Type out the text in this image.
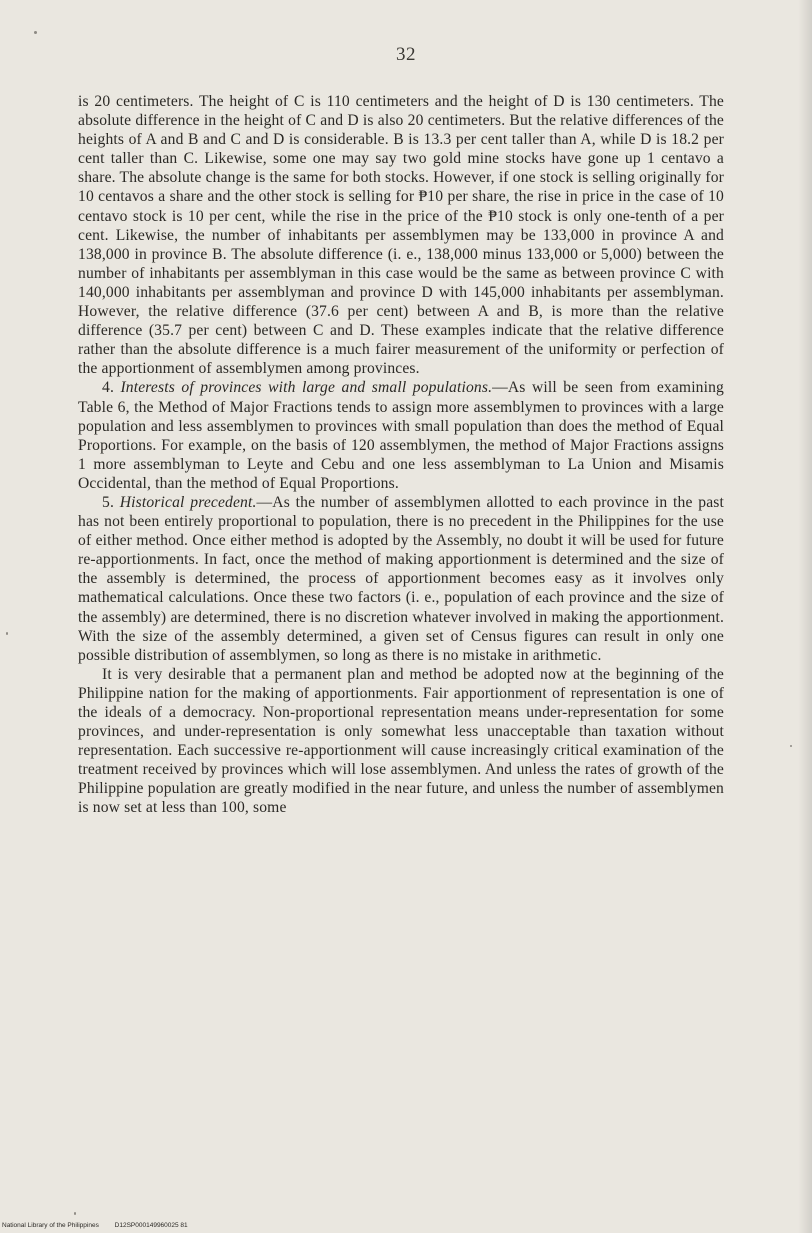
32

is 20 centimeters. The height of C is 110 centimeters and the height of D is 130 centimeters. The absolute difference in the height of C and D is also 20 centimeters. But the relative differences of the heights of A and B and C and D is considerable. B is 13.3 per cent taller than A, while D is 18.2 per cent taller than C. Likewise, some one may say two gold mine stocks have gone up 1 centavo a share. The absolute change is the same for both stocks. However, if one stock is selling originally for 10 centavos a share and the other stock is selling for ₱10 per share, the rise in price in the case of 10 centavo stock is 10 per cent, while the rise in the price of the ₱10 stock is only one-tenth of a per cent. Likewise, the number of inhabitants per assemblymen may be 133,000 in province A and 138,000 in province B. The absolute difference (i. e., 138,000 minus 133,000 or 5,000) between the number of inhabitants per assemblyman in this case would be the same as between province C with 140,000 inhabitants per assemblyman and province D with 145,000 inhabitants per assemblyman. However, the relative difference (37.6 per cent) between A and B, is more than the relative difference (35.7 per cent) between C and D. These examples indicate that the relative difference rather than the absolute difference is a much fairer measurement of the uniformity or perfection of the apportionment of assemblymen among provinces.

4. Interests of provinces with large and small populations.—As will be seen from examining Table 6, the Method of Major Fractions tends to assign more assemblymen to provinces with a large population and less assemblymen to provinces with small population than does the method of Equal Proportions. For example, on the basis of 120 assemblymen, the method of Major Fractions assigns 1 more assemblyman to Leyte and Cebu and one less assemblyman to La Union and Misamis Occidental, than the method of Equal Proportions.

5. Historical precedent.—As the number of assemblymen allotted to each province in the past has not been entirely proportional to population, there is no precedent in the Philippines for the use of either method. Once either method is adopted by the Assembly, no doubt it will be used for future re-apportionments. In fact, once the method of making apportionment is determined and the size of the assembly is determined, the process of apportionment becomes easy as it involves only mathematical calculations. Once these two factors (i. e., population of each province and the size of the assembly) are determined, there is no discretion whatever involved in making the apportionment. With the size of the assembly determined, a given set of Census figures can result in only one possible distribution of assemblymen, so long as there is no mistake in arithmetic.

It is very desirable that a permanent plan and method be adopted now at the beginning of the Philippine nation for the making of apportionments. Fair apportionment of representation is one of the ideals of a democracy. Non-proportional representation means under-representation for some provinces, and under-representation is only somewhat less unacceptable than taxation without representation. Each successive re-apportionment will cause increasingly critical examination of the treatment received by provinces which will lose assemblymen. And unless the rates of growth of the Philippine population are greatly modified in the near future, and unless the number of assemblymen is now set at less than 100, some

National Library of the Philippines D12SP000149960025 81
